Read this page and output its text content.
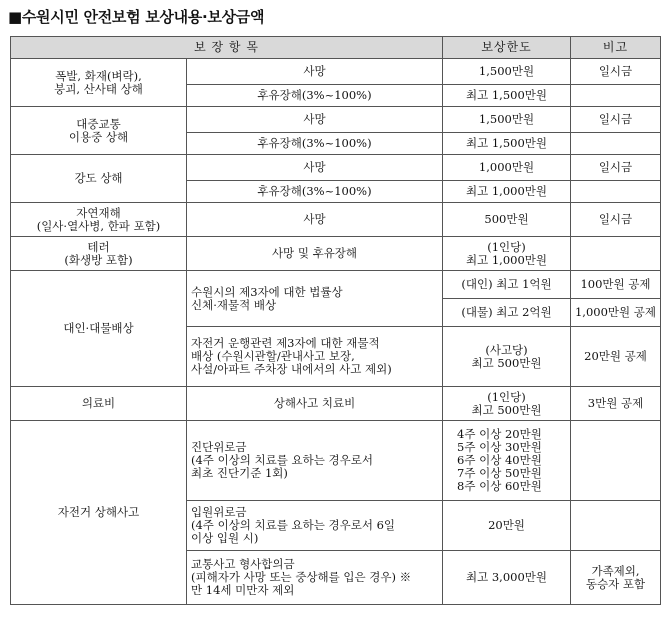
■수원시민 안전보험 보상내용·보상금액
보 장 항 목		보상한도	비고
폭발, 화재(벼락),
붕괴, 산사태 상해	사망	1,500만원	일시금
	후유장해(3%~100%)	최고 1,500만원	
대중교통
이용중 상해	사망	1,500만원	일시금
	후유장해(3%~100%)	최고 1,500만원	
강도 상해	사망	1,000만원	일시금
	후유장해(3%~100%)	최고 1,000만원	
자연재해
(일사·열사병, 한파 포함)	사망	500만원	일시금
테러
(화생방 포함)	사망 및 후유장해	(1인당)
최고 1,000만원	
대인·대물배상	수원시의 제3자에 대한 법률상
신체·재물적 배상	(대인) 최고 1억원	100만원 공제
		(대물) 최고 2억원	1,000만원 공제
	자전거 운행관련 제3자에 대한 재물적
배상 (수원시관할/관내사고 보장,
사설/아파트 주차장 내에서의 사고 제외)	(사고당)
최고 500만원	20만원 공제
의료비	상해사고 치료비	(1인당)
최고 500만원	3만원 공제
자전거 상해사고	진단위로금
(4주 이상의 치료를 요하는 경우로서
최초 진단기준 1회)	4주 이상 20만원
5주 이상 30만원
6주 이상 40만원
7주 이상 50만원
8주 이상 60만원	
	입원위로금
(4주 이상의 치료를 요하는 경우로서 6일
이상 입원 시)	20만원	
	교통사고 형사합의금
(피해자가 사망 또는 중상해를 입은 경우) ※
만 14세 미만자 제외	최고 3,000만원	가족제외,
동승자 포함
